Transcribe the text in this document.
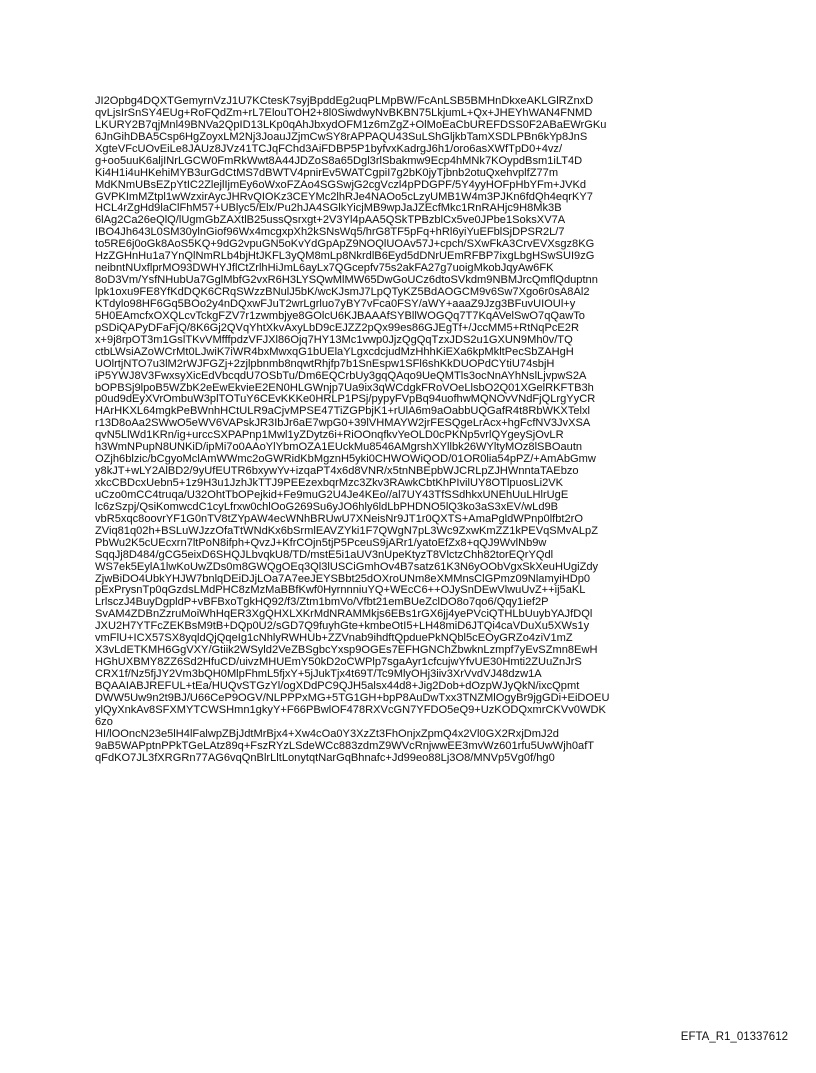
JI2Opbg4DQXTGemyrnVzJ1U7KCtesK7syjBpddEg2uqPLMpBW/FcAnLSB5BMHnDkxeAKLGlRZnxD
qvLjsIrSnSY4EUg+RoFQdZm+rL7ElouTOH2+8l0SiwdwyNvBKBN75LkjumL+Qx+JHEYhWAN4FNMD
LKURY2B7qjMnl49BNVa2QpID13LKp0qAhJbxydOFM1z6mZgZ+OlMoEaCbUREFDSS0F2ABaEWrGKu
6JnGihDBA5Csp6HgZoyxLM2Nj3JoauJZjmCwSY8rAPPAQU43SuLShGljkbTamXSDLPBn6kYp8JnS
XgteVFcUOvEiLe8JAUz8JVz41TCJqFChd3AiFDBP5P1byfvxKadrgJ6h1/oro6asXWfTpD0+4vz/
g+oo5uuK6aljINrLGCW0FmRkWwt8A44JDZoS8a65Dgl3rlSbakmw9Ecp4hMNk7KOypdBsm1iLT4D
Ki4H1i4uHKehiMYB3urGdCtMS7dBWTV4pnirEv5WATCgpiI7g2bK0jyTjbnb2otuQxehvplfZ77m
MdKNmUBsEZpYtIC2ZlejlIjmEy6oWxoFZAo4SGSwjG2cgVczl4pPDGPF/5Y4yyHOFpHbYFm+JVKd
GVPKImMZtpl1wWzxirAycJHRvQIOKz3CEYMc2lhRJe4NAOo5cLzyUMB1W4m3PJKn6fdQh4eqrKY7
HCL4rZgHd9laClFhM57+UBlyc5/Elx/Pu2hJA4SGlkYicjMB9wpJaJZEcfMkc1RnRAHjc9H8Mk3B
6lAg2Ca26eQlQ/lUgmGbZAXtlB25ussQsrxgt+2V3Yl4pAA5QSkTPBzblCx5ve0JPbe1SoksXV7A
IBO4Jh643L0SM30ylnGiof96Wx4mcgxpXh2kSNsWq5/hrG8TF5pFq+hRl6yiYuEFblSjDPSR2L/7
to5RE6j0oGk8AoS5KQ+9dG2vpuGN5oKvYdGpApZ9NOQlUOAv57J+cpch/SXwFkA3CrvEVXsgz8KG
HzZGHnHu1a7YnQlNmRLb4bjHtJKFL3yQM8mLp8NkrdlB6Eyd5dDNrUEmRFBP7ixgLbgHSwSUI9zG
neibntNUxflprMO93DWHYJflCtZrlhHiJmL6ayLx7QGcepfv75s2akFA27g7uoigMkobJqyAw6FK
8oD3Vm/YsfNHubUa7GglMbfG2vxR6H3LYSQwMlMW65DwGoUCz6dtoSVkdm9NBMJrcQmflQduptnn
lpk1oxu9FE8YfKdDQK6CRqSWzzBNulJ5bK/wcKJsmJ7LpQTyKZ5BdAOGCM9v6Sw7Xgo6r0sA8Al2
KTdylo98HF6Gq5BOo2y4nDQxwFJuT2wrLgrluo7yBY7vFca0FSY/aWY+aaaZ9Jzg3BFuvUIOUl+y
5H0EAmcfxOXQLcvTckgFZV7r1zwmbjye8GOlcU6KJBAAAfSYBllWOGQq7T7KqAVelSwO7qQawTo
pSDiQAPyDFaFjQ/8K6Gj2QVqYhtXkvAxyLbD9cEJZZ2pQx99es86GJEgTf+/JccMM5+RtNqPcE2R
x+9j8rpOT3m1GslTKvVMfffpdzVFJXl86Ojq7HY13Mc1vwp0JjzQgQqTzxJDS2u1GXUN9Mh0v/TQ
ctbLWsiAZoWCrMt0LJwiK7iWR4bxMwxqG1bUElaYLgxcdcjudMzHhhKiEXa6kpMkltPecSbZAHgH
UOlrtjNTO7u3lM2rWJFGZj+2zjlpbnmb8nqwtRhjfp7b1SnEspw1SFl6shKkDUOPdCYtiU74sbjH
iP5YWJ8V3FwxsyXicEdVbcqdU7OSbTu/Dm6EQCrbUy3gqQAqo9UeQMTls3ocNnAYhNslLjvpwS2A
bOPBSj9lpoB5WZbK2eEwEkvieE2EN0HLGWnjp7Ua9ix3qWCdgkFRoVOeLlsbO2Q01XGelRKFTB3h
p0ud9dEyXVrOmbuW3plTOTuY6CEvKKKe0HRLP1PSj/pypyFVpBq94uofhwMQNOvVNdFjQLrgYyCR
HArHKXL64mgkPeBWnhHCtULR9aCjvMPSE47TiZGPbjK1+rUlA6m9aOabbUQGafR4t8RbWKXTelxl
r13D8oAa2SWwO5eWV6VAPskJR3IbJr6aE7wpG0+39lVHMAYW2jrFESQgeLrAcx+hgFcfNV3JvXSA
qvN5LlWd1KRn/ig+urccSXPAPnp1Mwl1yZDytz6i+RiOOnqfkvYeOLD0cPKNp5vrlQYgeySjOvLR
h3WmNPupN8UNKiD/ipMi7o0AAoYlYbmOZA1EUckMu8546AMgrshXYllbk26WYltyMOz8lSBOautn
OZjh6blzic/bCgyoMclAmWWmc2oGWRidKbMgznH5yki0CHWOWiQOD/01OR0lia54pPZ/+AmAbGmw
y8kJT+wLY2AlBD2/9yUfEUTR6bxywYv+izqaPT4x6d8VNR/x5tnNBEpbWJCRLpZJHWnntaTAEbzo
xkcCBDcxUebn5+1z9H3u1JzhJkTTJ9PEEzexbqrMzc3Zkv3RAwkCbtKhPIvilUY8OTlpuosLi2VK
uCzo0mCC4truqa/U32OhtTbOPejkid+Fe9muG2U4Je4KEo//al7UY43TfSSdhkxUNEhUuLHlrUgE
lc6zSzpj/QsiKomwcdC1cyLfrxw0chlOoG269Su6yJO6hly6ldLbPHDNO5lQ3ko3aS3xEV/wLd9B
vbR5xqc8oovrYF1G0nTV8tZYpAW4ecWNhBRUwU7XNeisNr9JT1r0QXTS+AmaPgldWPnp0lfbt2rO
ZViq81q02h+BSLuWJzzOfaTtWNdKx6bSrmlEAVZYki1F7QWgN7pL3Wc9ZxwKmZZ1kPEVqSMvALpZ
PbWu2K5cUEcxrn7ltPoN8ifph+QvzJ+KfrCOjn5tjP5PceuS9jARr1/yatoEfZx8+qQJ9WvlNb9w
SqqJj8D484/gCG5eixD6SHQJLbvqkU8/TD/mstE5i1aUV3nUpeKtyzT8VlctzChh82torEQrYQdl
WS7ek5EylA1lwKoUwZDs0m8GWQgOEq3Ql3lUSCiGmhOv4B7satz61K3N6yOObVgxSkXeuHUgiZdy
ZjwBiDO4UbkYHJW7bnlqDEiDJjLOa7A7eeJEYSBbt25dOXroUNm8eXMMnsClGPmz09NlamyiHDp0
pExPrysnTp0qGzdsLMdPHC8zMzMaBBfKwf0HyrnnniuYQ+WEcC6++OJySnDEwVlwuUvZ++ij5aKL
LrlsczJ4BuyDgpldP+vBFBxoTgkHQ92/f3/Ztm1bmVo/Vfbt21emBUeZclDO8o7qo6/Qqy1ief2P
SvAM4ZDBnZzruMoiWhHqER3XgQHXLXKrMdNRAMMkjs6EBs1rGX6jj4yePVciQTHLbUuybYAJfDQl
JXU2H7YTFcZEKBsM9tB+DQp0U2/sGD7Q9fuyhGte+kmbeOtI5+LH48miD6JTQi4caVDuXu5XWs1y
vmFlU+ICX57SX8yqldQjQqeIg1cNhlyRWHUb+ZZVnab9ihdftQpduePkNQbl5cEOyGRZo4ziV1mZ
X3vLdETKMH6GgVXY/Gtiik2WSyld2VeZBSgbcYxsp9OGEs7EFHGNChZbwknLzmpf7yEvSZmn8EwH
HGhUXBMY8ZZ6Sd2HfuCD/uivzMHUEmY50kD2oCWPlp7sgaAyr1cfcujwYfvUE30Hmti2ZUuZnJrS
CRX1f/Nz5fjJY2Vm3bQH0MlpFhmL5fjxY+5jJukTjx4t69T/Tc9MlyOHj3iiv3XrVvdVJ48dzw1A
BQAAIABJREFUL+tEa/HUQvSTGzYl/ogXDdPC9QJH5alsx44d8+Jig2Dob+dOzpWJyQkN/ixcQpmt
DWW5Uw9n2t9BJ/U66CeP9OGV/NLPPPxMG+5TG1GH+bpP8AuDwTxx3TNZMlOgyBr9jgGDi+EiDOEU
ylQyXnkAv8SFXMYTCWSHmn1gkyY+F66PBwlOF478RXVcGN7YFDO5eQ9+UzKODQxmrCKVv0WDK
6zo
HI/lOOncN23e5lH4lFalwpZBjJdtMrBjx4+Xw4cOa0Y3XzZt3FhOnjxZpmQ4x2Vl0GX2RxjDmJ2d
9aB5WAPptnPPkTGeLAtz89q+FszRYzLSdeWCc883zdmZ9WVcRnjwwEE3mvWz601rfu5UwWjh0afT
qFdKO7JL3fXRGRn77AG6vqQnBlrLltLonytqtNarGqBhnafc+Jd99eo88Lj3O8/MNVp5Vg0f/hg0
EFTA_R1_01337612
